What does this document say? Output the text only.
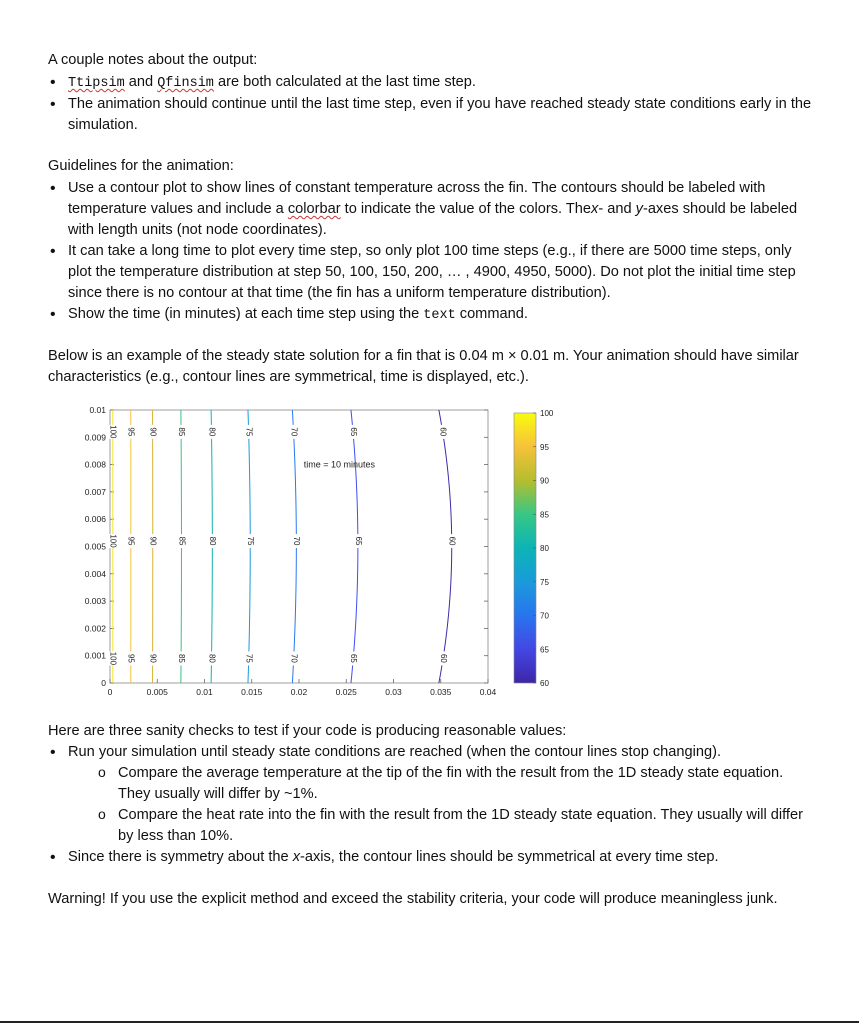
A couple notes about the output:

• Ttipsim and Qfinsim are both calculated at the last time step.
• The animation should continue until the last time step, even if you have reached steady state conditions early in the simulation.

Guidelines for the animation:

• Use a contour plot to show lines of constant temperature across the fin. The contours should be labeled with temperature values and include a colorbar to indicate the value of the colors. Thex- and y-axes should be labeled with length units (not node coordinates).
• It can take a long time to plot every time step, so only plot 100 time steps (e.g., if there are 5000 time steps, only plot the temperature distribution at step 50, 100, 150, 200, … , 4900, 4950, 5000). Do not plot the initial time step since there is no contour at that time (the fin has a uniform temperature distribution).
• Show the time (in minutes) at each time step using the text command.

Below is an example of the steady state solution for a fin that is 0.04 m × 0.01 m. Your animation should have similar characteristics (e.g., contour lines are symmetrical, time is displayed, etc.).

0	0.005	0.01	0.015	0.02	0.025	0.03	0.035	0.04
0
0.001
0.002
0.003
0.004
0.005
0.006
0.007
0.008
0.009
0.01
100
100
100
95
95
95
90
90
90
85
85
85
80
80
80
75
75
75
70
70
70
65
65
65
60
60
60
time = 10 minutes
100
95
90
85
80
75
70
65
60

Here are three sanity checks to test if your code is producing reasonable values:

• Run your simulation until steady state conditions are reached (when the contour lines stop changing).
o Compare the average temperature at the tip of the fin with the result from the 1D steady state equation. They usually will differ by ~1%.
o Compare the heat rate into the fin with the result from the 1D steady state equation. They usually will differ by less than 10%.
• Since there is symmetry about the x-axis, the contour lines should be symmetrical at every time step.

Warning! If you use the explicit method and exceed the stability criteria, your code will produce meaningless junk.
